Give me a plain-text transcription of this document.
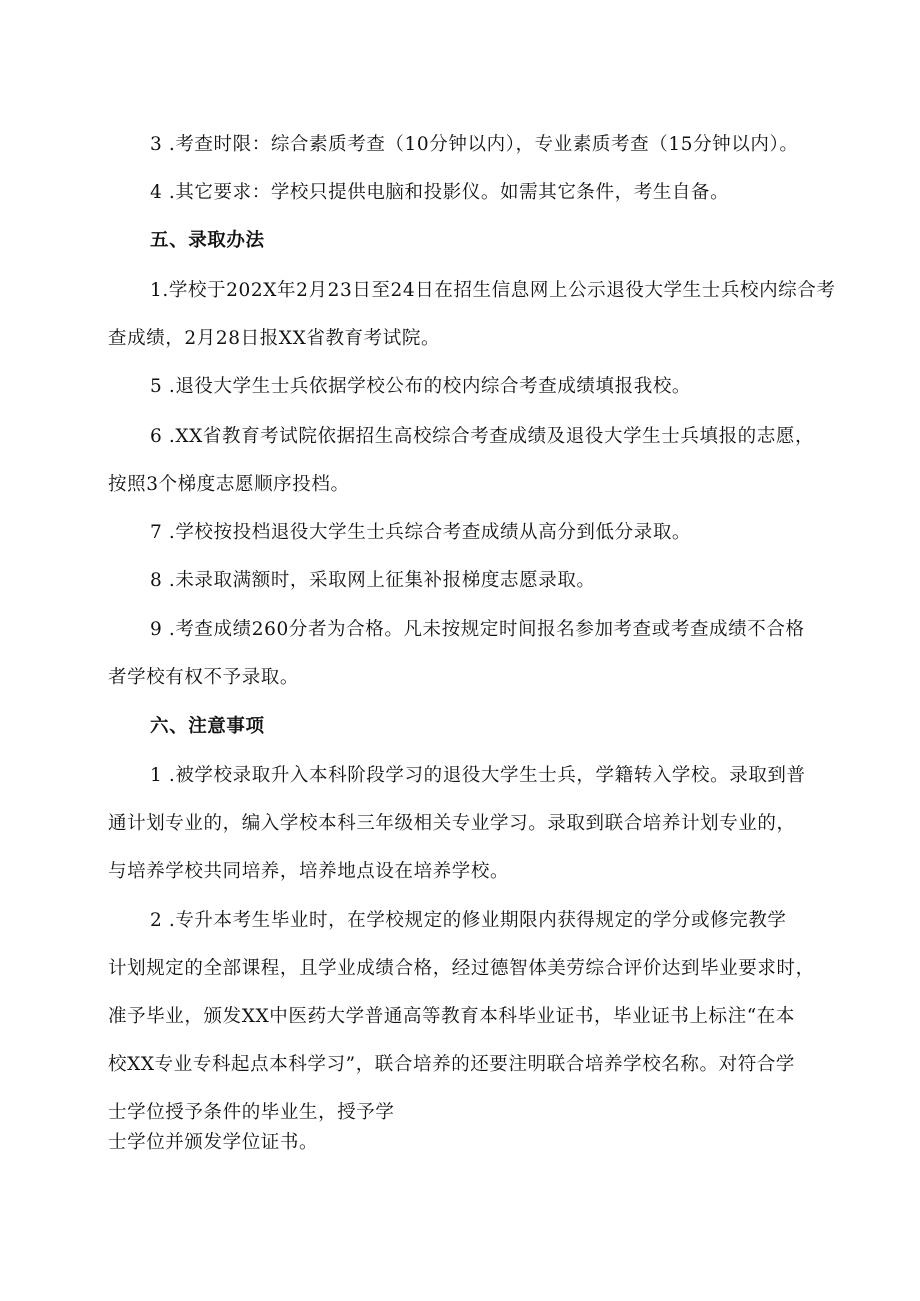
3 .考查时限：综合素质考查（10分钟以内），专业素质考查（15分钟以内）。
4 .其它要求：学校只提供电脑和投影仪。如需其它条件，考生自备。
五、录取办法
1.学校于202X年2月23日至24日在招生信息网上公示退役大学生士兵校内综合考
查成绩，2月28日报XX省教育考试院。
5 .退役大学生士兵依据学校公布的校内综合考查成绩填报我校。
6 .XX省教育考试院依据招生高校综合考查成绩及退役大学生士兵填报的志愿，
按照3个梯度志愿顺序投档。
7 .学校按投档退役大学生士兵综合考查成绩从高分到低分录取。
8 .未录取满额时，采取网上征集补报梯度志愿录取。
9 .考查成绩260分者为合格。凡未按规定时间报名参加考查或考查成绩不合格
者学校有权不予录取。
六、注意事项
1 .被学校录取升入本科阶段学习的退役大学生士兵，学籍转入学校。录取到普
通计划专业的，编入学校本科三年级相关专业学习。录取到联合培养计划专业的，
与培养学校共同培养，培养地点设在培养学校。
2 .专升本考生毕业时，在学校规定的修业期限内获得规定的学分或修完教学
计划规定的全部课程，且学业成绩合格，经过德智体美劳综合评价达到毕业要求时，
准予毕业，颁发XX中医药大学普通高等教育本科毕业证书，毕业证书上标注“在本
校XX专业专科起点本科学习”，联合培养的还要注明联合培养学校名称。对符合学
士学位授予条件的毕业生，授予学
士学位并颁发学位证书。
